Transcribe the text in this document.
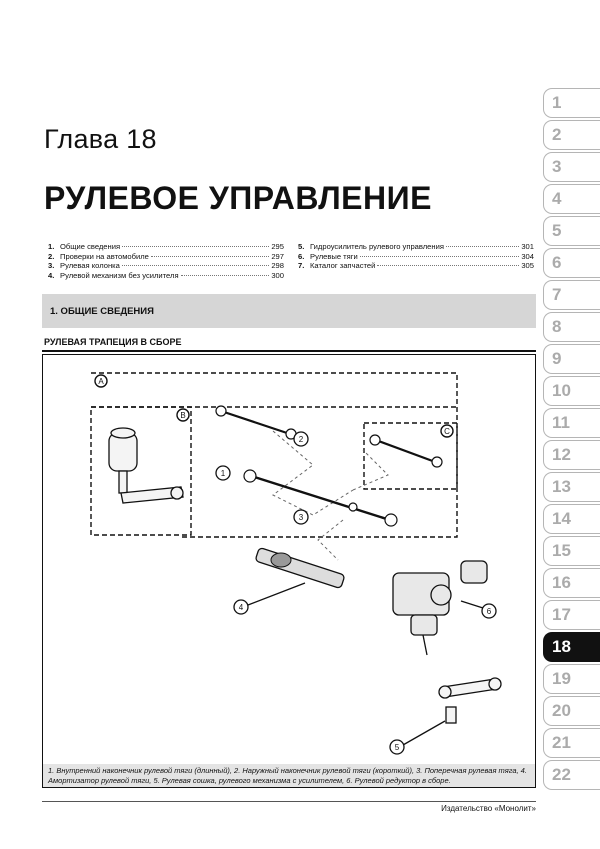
Глава 18
РУЛЕВОЕ УПРАВЛЕНИЕ
1. Общие сведения	295
2. Проверки на автомобиле	297
3. Рулевая колонка	298
4. Рулевой механизм без усилителя	300
5. Гидроусилитель рулевого управления	301
6. Рулевые тяги	304
7. Каталог запчастей	305
1. ОБЩИЕ СВЕДЕНИЯ
РУЛЕВАЯ ТРАПЕЦИЯ В СБОРЕ
A
B
C
1
2
3
4
5
6
1. Внутренний наконечник рулевой тяги (длинный), 2. Наружный наконечник рулевой тяги (короткий), 3. Поперечная рулевая тяга, 4. Амортизатор рулевой тяги, 5. Рулевая сошка, рулевого механизма с усилителем, 6. Рулевой редуктор в сборе.
Издательство «Монолит»
1
2
3
4
5
6
7
8
9
10
11
12
13
14
15
16
17
18
19
20
21
22
